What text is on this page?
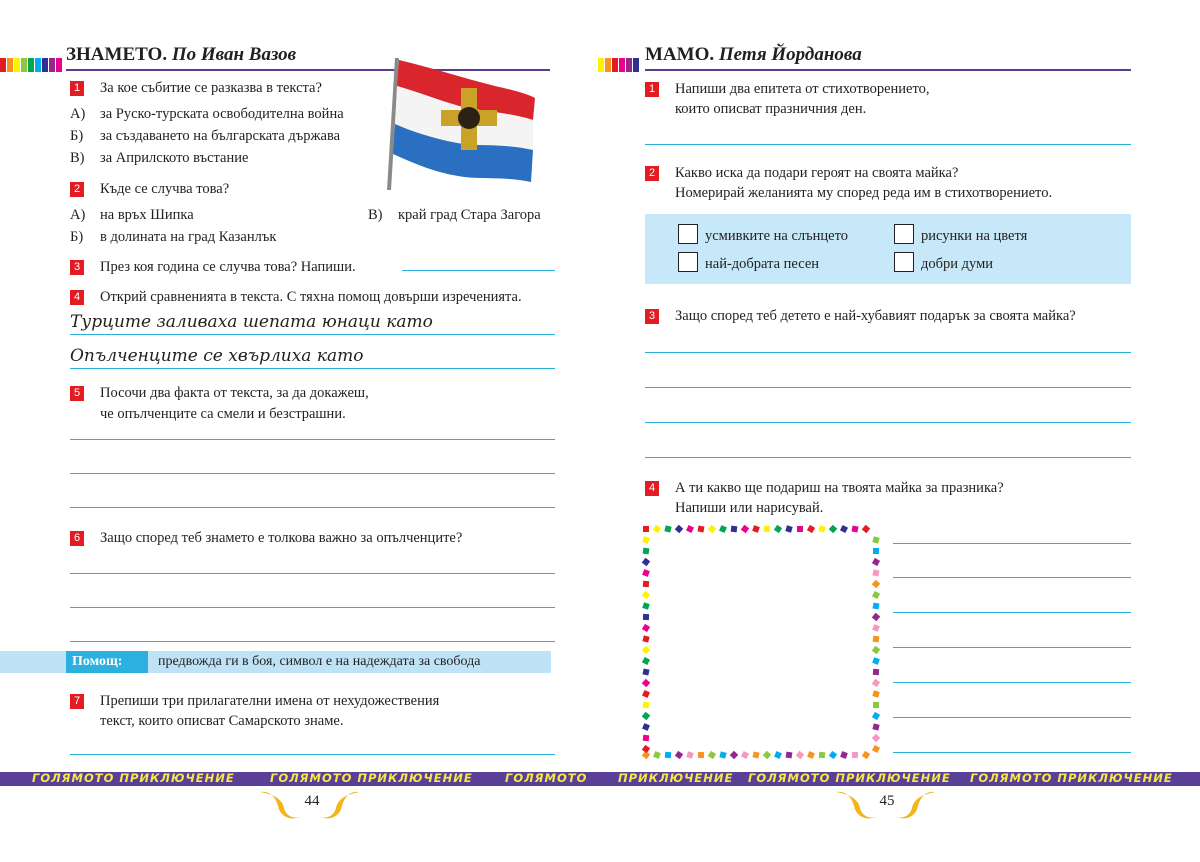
ЗНАМЕТО. По Иван Вазов
1 За кое събитие се разказва в текста?
А) за Руско-турската освободителна война
Б) за създаването на българската държава
В) за Априлското въстание
2 Къде се случва това?
А) на връх Шипка
Б) в долината на град Казанлък
В) край град Стара Загора
3 През коя година се случва това? Напиши.
4 Открий сравненията в текста. С тяхна помощ довърши изреченията.
Турците заливаха шепата юнаци като
Опълченците се хвърлиха като
5 Посочи два факта от текста, за да докажеш,
че опълченците са смели и безстрашни.
6 Защо според теб знамето е толкова важно за опълченците?
Помощ:	предвожда ги в боя, символ е на надеждата за свобода
7 Препиши три прилагателни имена от нехудожествения
текст, които описват Самарското знаме.
МАМО. Петя Йорданова
1 Напиши два епитета от стихотворението,
които описват празничния ден.
2 Какво иска да подари героят на своята майка?
Номерирай желанията му според реда им в стихотворението.
усмивките на слънцето	рисунки на цветя
най-добрата песен	добри думи
3 Защо според теб детето е най-хубавият подарък за своята майка?
4 А ти какво ще подариш на твоята майка за празника?
Напиши или нарисувай.
ГОЛЯМОТО ПРИКЛЮЧЕНИЕ	ГОЛЯМОТО ПРИКЛЮЧЕНИЕ	ГОЛЯМОТО	ПРИКЛЮЧЕНИЕ ГОЛЯМОТО ПРИКЛЮЧЕНИЕ ГОЛЯМОТО ПРИКЛЮЧЕНИЕ
44	45
